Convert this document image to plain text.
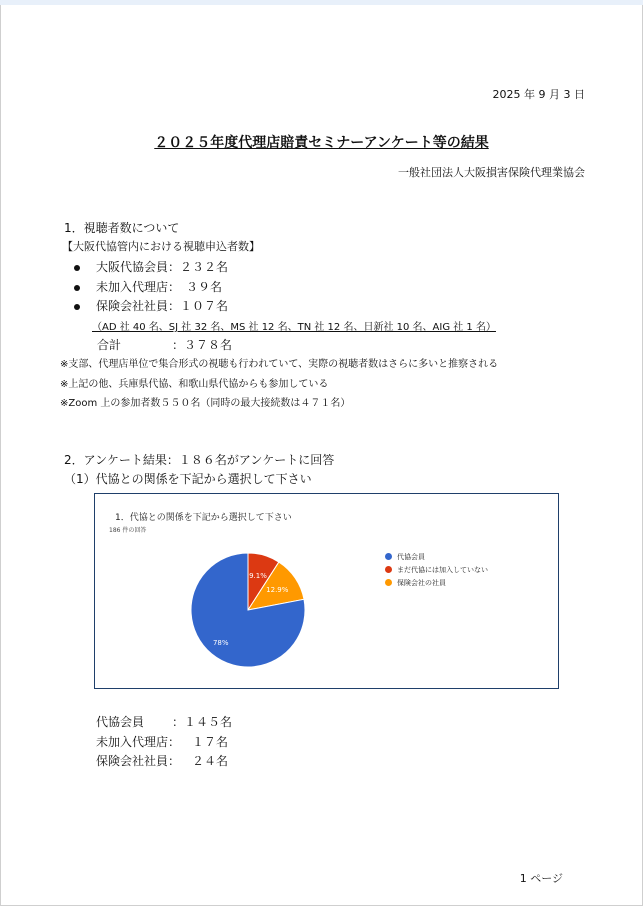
2025 年 9 月 3 日
２０２５年度代理店賠責セミナーアンケート等の結果
一般社団法人大阪損害保険代理業協会
1．視聴者数について
【大阪代協管内における視聴申込者数】
大阪代協会員：２３２名
未加入代理店：　３９名
保険会社社員：１０７名
（AD 社 40 名、SJ 社 32 名、MS 社 12 名、TN 社 12 名、日新社 10 名、AIG 社 1 名）
合計	：３７８名
※支部、代理店単位で集合形式の視聴も行われていて、実際の視聴者数はさらに多いと推察される
※上記の他、兵庫県代協、和歌山県代協からも参加している
※Zoom 上の参加者数５５０名（同時の最大接続数は４７１名）
2．アンケート結果：１８６名がアンケートに回答
（1）代協との関係を下記から選択して下さい
1．代協との関係を下記から選択して下さい
186 件の回答
9.1%
12.9%
78%
代協会員
まだ代協には加入していない
保険会社の社員
代協会員 ：１４５名
未加入代理店： １７名
保険会社社員： ２４名
1 ページ
